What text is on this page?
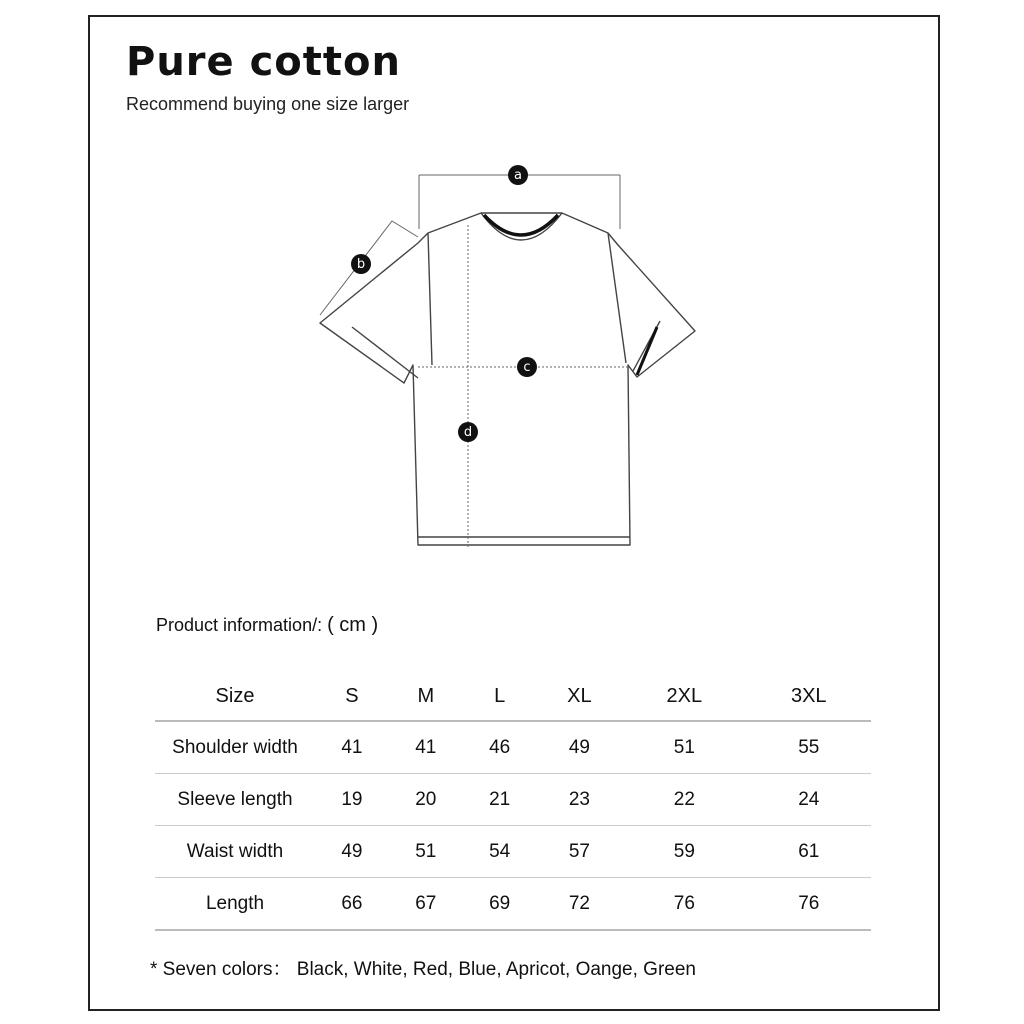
Pure cotton
Recommend buying one size larger
a
b
c
d
Product information/: ( cm )
Size	S	M	L	XL	2XL	3XL
Shoulder width	41	41	46	49	51	55
Sleeve length	19	20	21	23	22	24
Waist width	49	51	54	57	59	61
Length	66	67	69	72	76	76
* Seven colors： Black, White, Red, Blue, Apricot, Oange, Green
